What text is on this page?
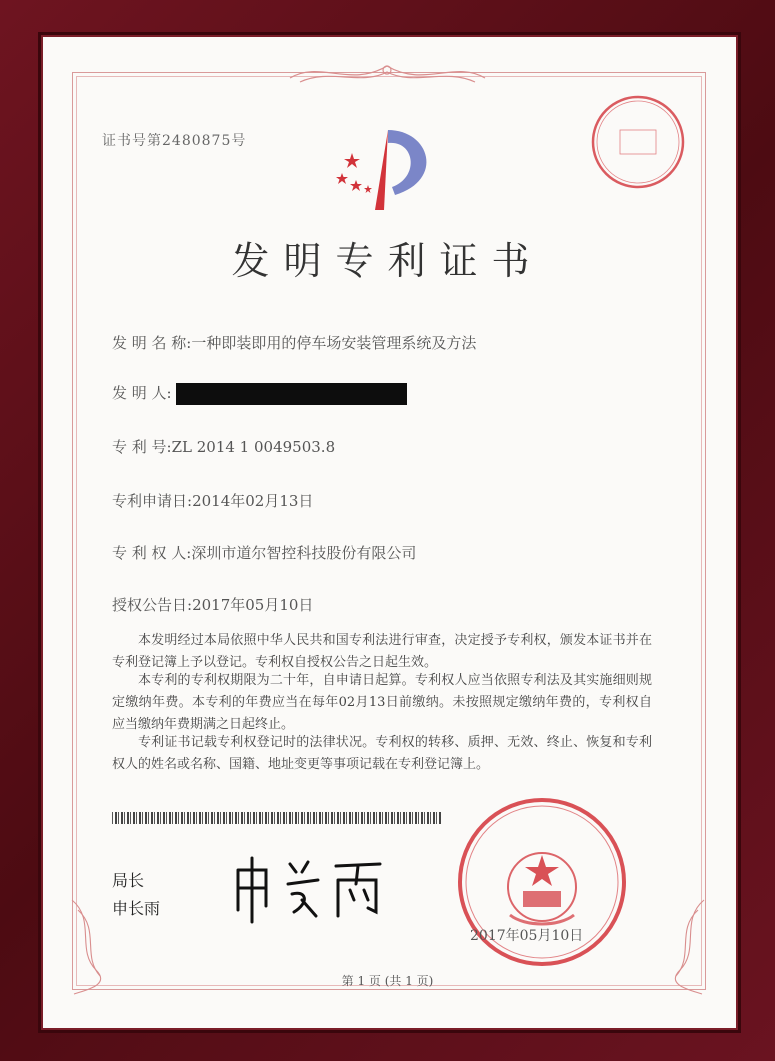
证书号第2480875号
发明专利证书
发 明 名 称:一种即装即用的停车场安装管理系统及方法
发 明 人:
专 利 号:ZL 2014 1 0049503.8
专利申请日:2014年02月13日
专 利 权 人:深圳市道尔智控科技股份有限公司
授权公告日:2017年05月10日
本发明经过本局依照中华人民共和国专利法进行审查，决定授予专利权，颁发本证书并在专利登记簿上予以登记。专利权自授权公告之日起生效。
本专利的专利权期限为二十年，自申请日起算。专利权人应当依照专利法及其实施细则规定缴纳年费。本专利的年费应当在每年02月13日前缴纳。未按照规定缴纳年费的，专利权自应当缴纳年费期满之日起终止。
专利证书记载专利权登记时的法律状况。专利权的转移、质押、无效、终止、恢复和专利权人的姓名或名称、国籍、地址变更等事项记载在专利登记簿上。
局长
申长雨
2017年05月10日
第 1 页 (共 1 页)
